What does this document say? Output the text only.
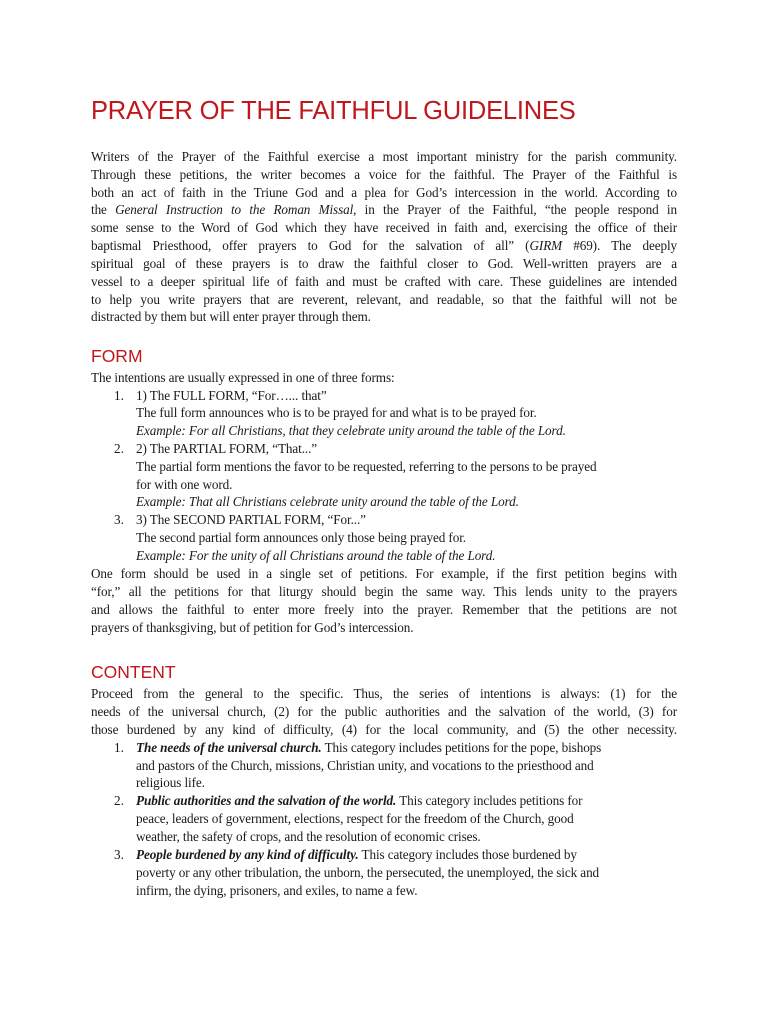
PRAYER OF THE FAITHFUL GUIDELINES
Writers of the Prayer of the Faithful exercise a most important ministry for the parish community.
Through these petitions, the writer becomes a voice for the faithful. The Prayer of the Faithful is
both an act of faith in the Triune God and a plea for God’s intercession in the world. According to
the General Instruction to the Roman Missal, in the Prayer of the Faithful, “the people respond in
some sense to the Word of God which they have received in faith and, exercising the office of their
baptismal Priesthood, offer prayers to God for the salvation of all” (GIRM #69). The deeply
spiritual goal of these prayers is to draw the faithful closer to God. Well-written prayers are a
vessel to a deeper spiritual life of faith and must be crafted with care. These guidelines are intended
to help you write prayers that are reverent, relevant, and readable, so that the faithful will not be
distracted by them but will enter prayer through them.
FORM
The intentions are usually expressed in one of three forms:
1. 1) The FULL FORM, “For…... that”
The full form announces who is to be prayed for and what is to be prayed for.
Example: For all Christians, that they celebrate unity around the table of the Lord.
2. 2) The PARTIAL FORM, “That...”
The partial form mentions the favor to be requested, referring to the persons to be prayed
for with one word.
Example: That all Christians celebrate unity around the table of the Lord.
3. 3) The SECOND PARTIAL FORM, “For...”
The second partial form announces only those being prayed for.
Example: For the unity of all Christians around the table of the Lord.
One form should be used in a single set of petitions. For example, if the first petition begins with
“for,” all the petitions for that liturgy should begin the same way. This lends unity to the prayers
and allows the faithful to enter more freely into the prayer. Remember that the petitions are not
prayers of thanksgiving, but of petition for God’s intercession.
CONTENT
Proceed from the general to the specific. Thus, the series of intentions is always: (1) for the
needs of the universal church, (2) for the public authorities and the salvation of the world, (3) for
those burdened by any kind of difficulty, (4) for the local community, and (5) the other necessity.
1. The needs of the universal church. This category includes petitions for the pope, bishops
and pastors of the Church, missions, Christian unity, and vocations to the priesthood and
religious life.
2. Public authorities and the salvation of the world. This category includes petitions for
peace, leaders of government, elections, respect for the freedom of the Church, good
weather, the safety of crops, and the resolution of economic crises.
3. People burdened by any kind of difficulty. This category includes those burdened by
poverty or any other tribulation, the unborn, the persecuted, the unemployed, the sick and
infirm, the dying, prisoners, and exiles, to name a few.
